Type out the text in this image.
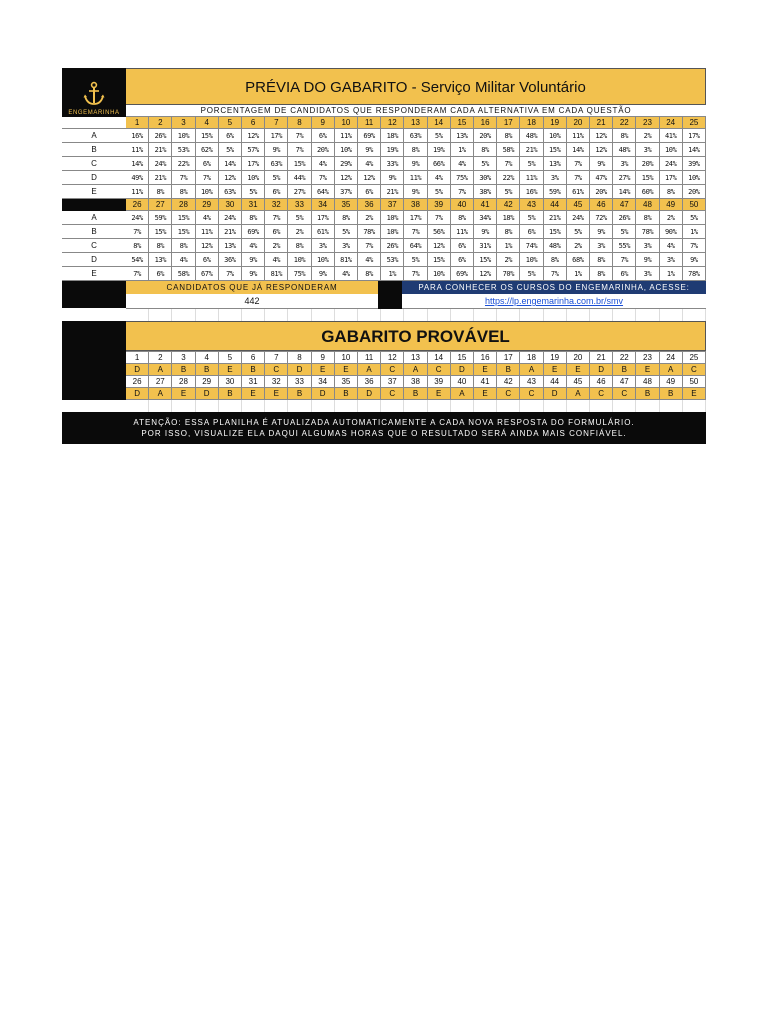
PRÉVIA DO GABARITO - Serviço Militar Voluntário
PORCENTAGEM DE CANDIDATOS QUE RESPONDERAM CADA ALTERNATIVA EM CADA QUESTÃO
ENGEMARINHA
1	2	3	4	5	6	7	8	9	10	11	12	13	14	15	16	17	18	19	20	21	22	23	24	25
A	16%	26%	10%	15%	6%	12%	17%	7%	6%	11%	69%	18%	63%	5%	13%	20%	8%	48%	10%	11%	12%	8%	2%	41%	17%
B	11%	21%	53%	62%	5%	57%	9%	7%	20%	10%	9%	19%	8%	19%	1%	8%	58%	21%	15%	14%	12%	48%	3%	10%	14%
C	14%	24%	22%	6%	14%	17%	63%	15%	4%	29%	4%	33%	9%	66%	4%	5%	7%	5%	13%	7%	9%	3%	20%	24%	39%
D	49%	21%	7%	7%	12%	10%	5%	44%	7%	12%	12%	9%	11%	4%	75%	30%	22%	11%	3%	7%	47%	27%	15%	17%	10%
E	11%	8%	8%	10%	63%	5%	6%	27%	64%	37%	6%	21%	9%	5%	7%	38%	5%	16%	59%	61%	20%	14%	60%	8%	20%
26	27	28	29	30	31	32	33	34	35	36	37	38	39	40	41	42	43	44	45	46	47	48	49	50
A	24%	59%	15%	4%	24%	8%	7%	5%	17%	8%	2%	10%	17%	7%	8%	34%	18%	5%	21%	24%	72%	26%	8%	2%	5%
B	7%	15%	15%	11%	21%	69%	6%	2%	61%	5%	78%	10%	7%	56%	11%	9%	8%	6%	15%	5%	9%	5%	78%	90%	1%
C	8%	8%	8%	12%	13%	4%	2%	8%	3%	3%	7%	26%	64%	12%	6%	31%	1%	74%	48%	2%	3%	55%	3%	4%	7%
D	54%	13%	4%	6%	36%	9%	4%	10%	10%	81%	4%	53%	5%	15%	6%	15%	2%	10%	8%	68%	8%	7%	9%	3%	9%
E	7%	6%	58%	67%	7%	9%	81%	75%	9%	4%	8%	1%	7%	10%	69%	12%	70%	5%	7%	1%	8%	6%	3%	1%	78%
CANDIDATOS QUE JÁ RESPONDERAM
442
PARA CONHECER OS CURSOS DO ENGEMARINHA, ACESSE:
https://lp.engemarinha.com.br/smv
GABARITO PROVÁVEL
1	2	3	4	5	6	7	8	9	10	11	12	13	14	15	16	17	18	19	20	21	22	23	24	25
D	A	B	B	E	B	C	D	E	E	A	C	A	C	D	E	B	A	E	E	D	B	E	A	C
26	27	28	29	30	31	32	33	34	35	36	37	38	39	40	41	42	43	44	45	46	47	48	49	50
D	A	E	D	B	E	E	B	D	B	D	C	B	E	A	E	C	C	D	A	C	C	B	B	E
ATENÇÃO: ESSA PLANILHA É ATUALIZADA AUTOMATICAMENTE A CADA NOVA RESPOSTA DO FORMULÁRIO. POR ISSO, VISUALIZE ELA DAQUI ALGUMAS HORAS QUE O RESULTADO SERÁ AINDA MAIS CONFIÁVEL.
